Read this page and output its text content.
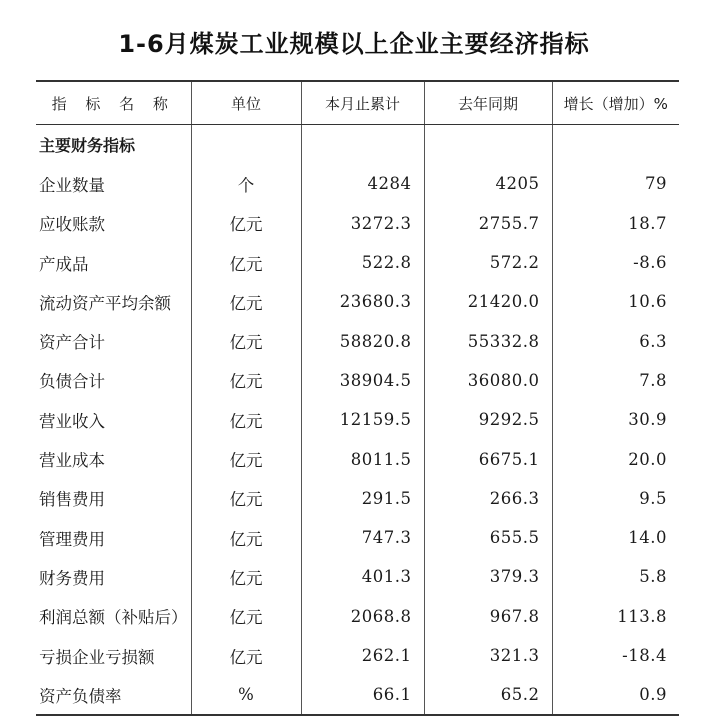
1-6月煤炭工业规模以上企业主要经济指标
指 标 名 称	单位	本月止累计	去年同期	增长（增加）%
主要财务指标				
企业数量	个	4284	4205	79
应收账款	亿元	3272.3	2755.7	18.7
产成品	亿元	522.8	572.2	-8.6
流动资产平均余额	亿元	23680.3	21420.0	10.6
资产合计	亿元	58820.8	55332.8	6.3
负债合计	亿元	38904.5	36080.0	7.8
营业收入	亿元	12159.5	9292.5	30.9
营业成本	亿元	8011.5	6675.1	20.0
销售费用	亿元	291.5	266.3	9.5
管理费用	亿元	747.3	655.5	14.0
财务费用	亿元	401.3	379.3	5.8
利润总额（补贴后）	亿元	2068.8	967.8	113.8
亏损企业亏损额	亿元	262.1	321.3	-18.4
资产负债率	%	66.1	65.2	0.9
